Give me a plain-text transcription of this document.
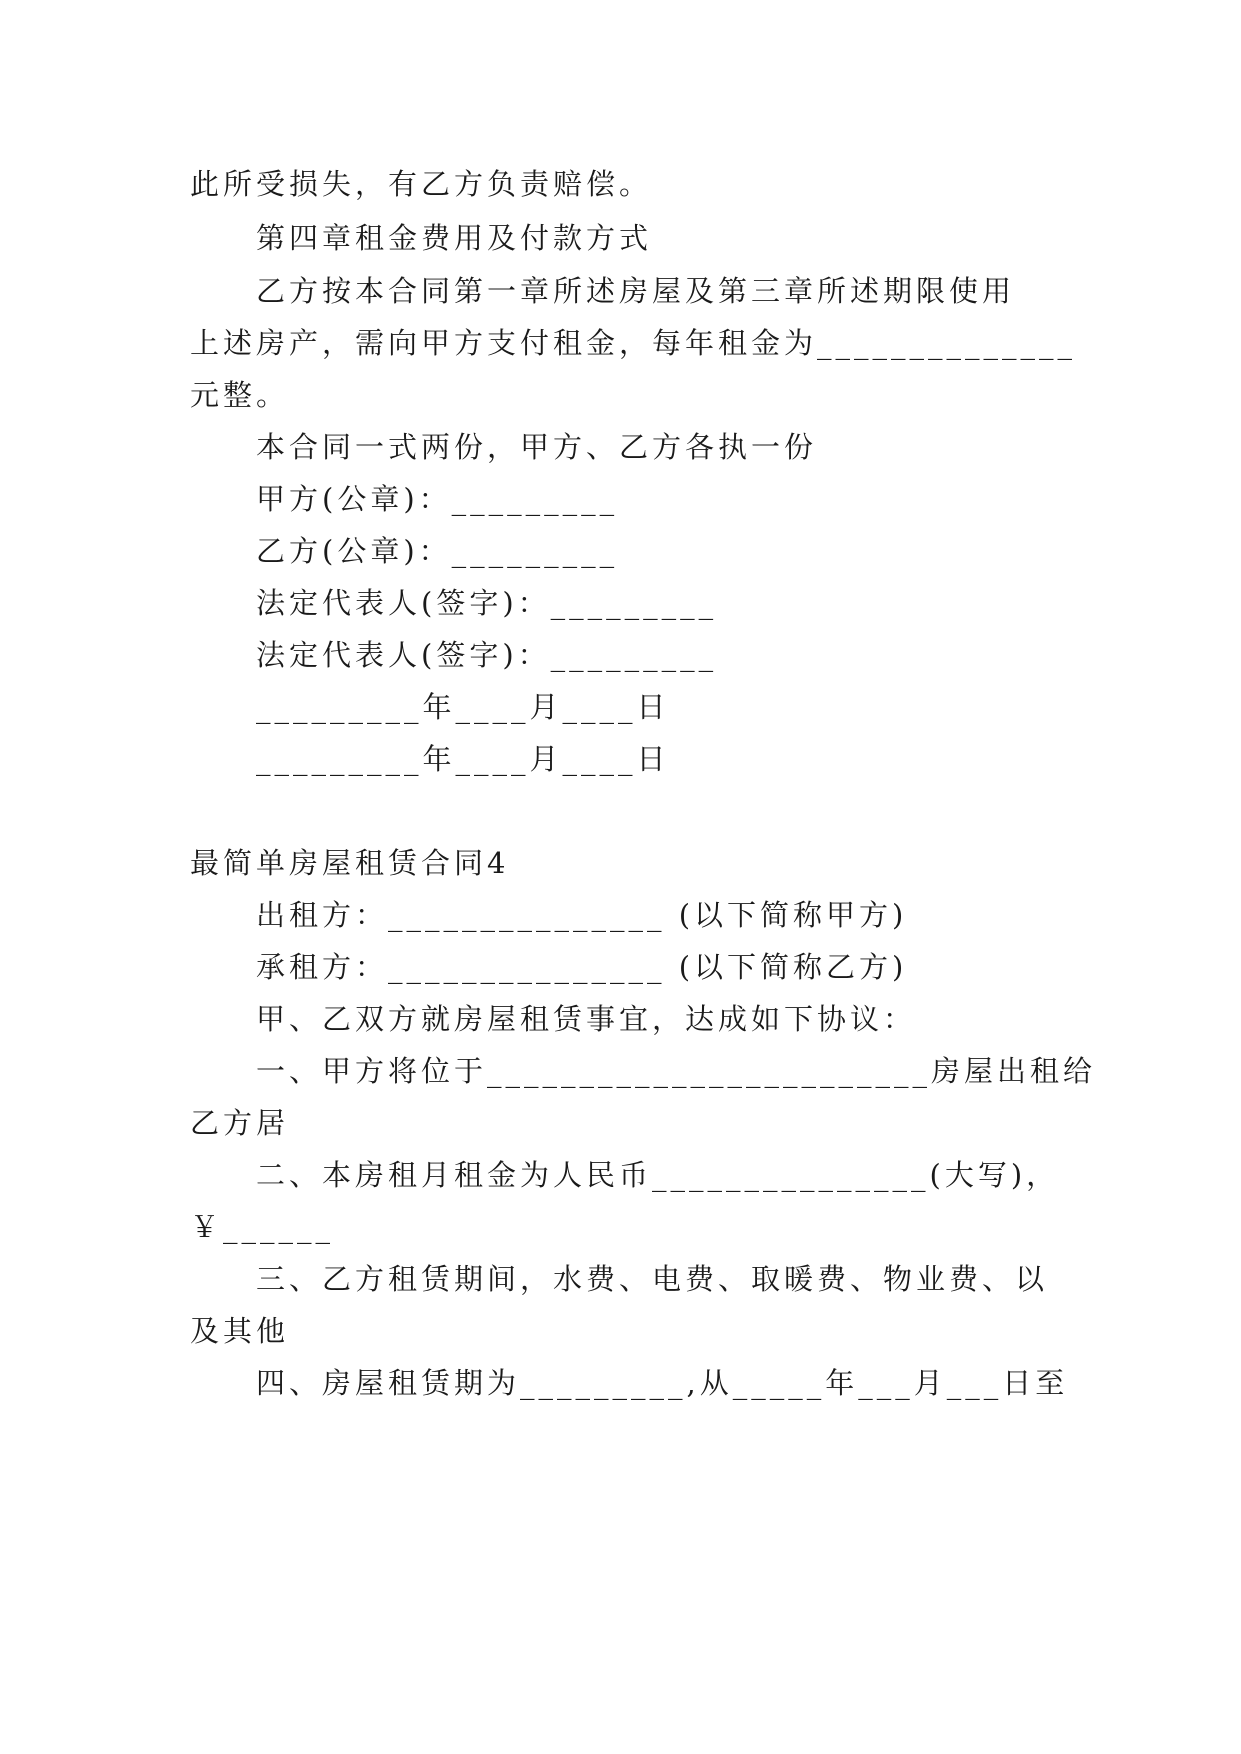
此所受损失，有乙方负责赔偿。
第四章租金费用及付款方式
乙方按本合同第一章所述房屋及第三章所述期限使用
上述房产，需向甲方支付租金，每年租金为______________
元整。
本合同一式两份，甲方、乙方各执一份
甲方(公章)：_________
乙方(公章)：_________
法定代表人(签字)：_________
法定代表人(签字)：_________
_________年____月____日
_________年____月____日
最简单房屋租赁合同4
出租方：_______________ (以下简称甲方)
承租方：_______________ (以下简称乙方)
甲、乙双方就房屋租赁事宜，达成如下协议：
一、甲方将位于________________________房屋出租给
乙方居
二、本房租月租金为人民币_______________(大写)，
￥______
三、乙方租赁期间，水费、电费、取暖费、物业费、以
及其他
四、房屋租赁期为_________,从_____年___月___日至
